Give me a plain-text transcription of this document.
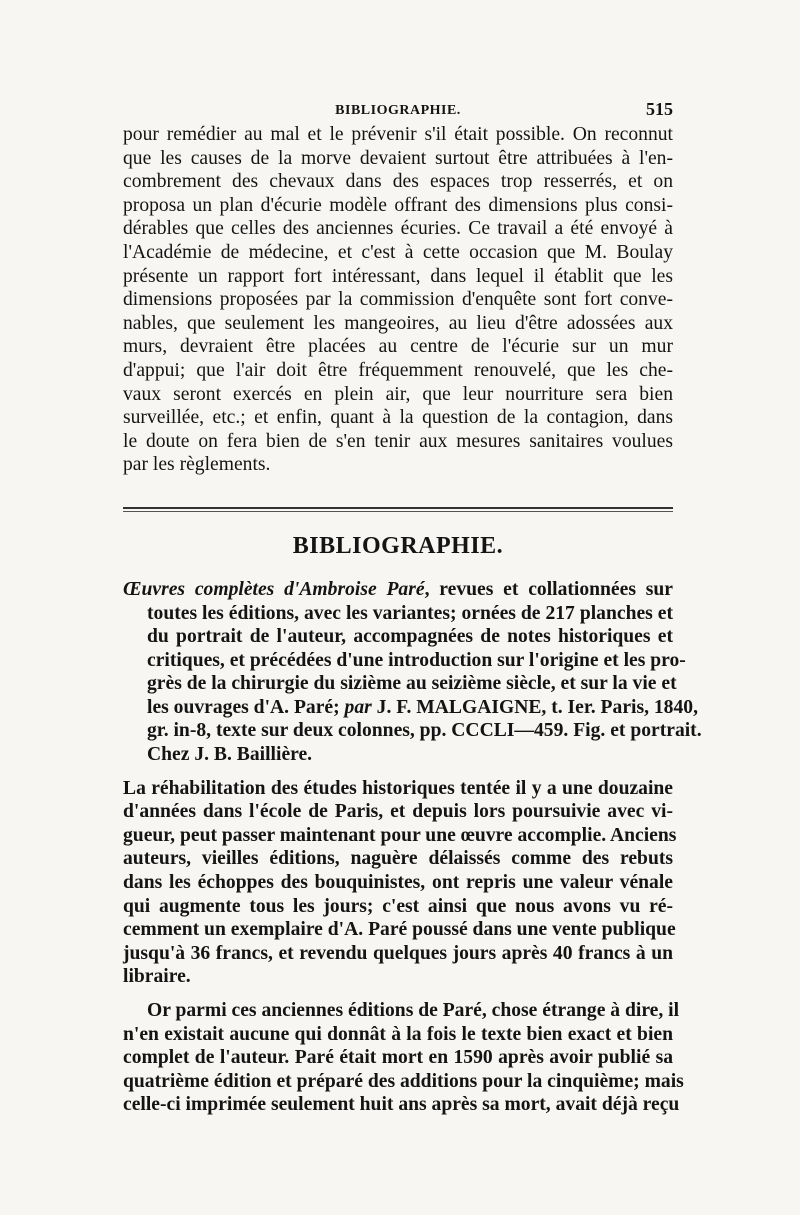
BIBLIOGRAPHIE.	515

pour remédier au mal et le prévenir s'il était possible. On reconnut
que les causes de la morve devaient surtout être attribuées à l'en-
combrement des chevaux dans des espaces trop resserrés, et on
proposa un plan d'écurie modèle offrant des dimensions plus consi-
dérables que celles des anciennes écuries. Ce travail a été envoyé à
l'Académie de médecine, et c'est à cette occasion que M. Boulay
présente un rapport fort intéressant, dans lequel il établit que les
dimensions proposées par la commission d'enquête sont fort conve-
nables, que seulement les mangeoires, au lieu d'être adossées aux
murs, devraient être placées au centre de l'écurie sur un mur
d'appui; que l'air doit être fréquemment renouvelé, que les che-
vaux seront exercés en plein air, que leur nourriture sera bien
surveillée, etc.; et enfin, quant à la question de la contagion, dans
le doute on fera bien de s'en tenir aux mesures sanitaires voulues
par les règlements.

BIBLIOGRAPHIE.

Œuvres complètes d'Ambroise Paré, revues et collationnées sur
toutes les éditions, avec les variantes; ornées de 217 planches et
du portrait de l'auteur, accompagnées de notes historiques et
critiques, et précédées d'une introduction sur l'origine et les pro-
grès de la chirurgie du sizième au seizième siècle, et sur la vie et
les ouvrages d'A. Paré; par J. F. MALGAIGNE, t. Ier. Paris, 1840,
gr. in-8, texte sur deux colonnes, pp. CCCLI—459. Fig. et portrait.
Chez J. B. Baillière.

La réhabilitation des études historiques tentée il y a une douzaine
d'années dans l'école de Paris, et depuis lors poursuivie avec vi-
gueur, peut passer maintenant pour une œuvre accomplie. Anciens
auteurs, vieilles éditions, naguère délaissés comme des rebuts
dans les échoppes des bouquinistes, ont repris une valeur vénale
qui augmente tous les jours; c'est ainsi que nous avons vu ré-
cemment un exemplaire d'A. Paré poussé dans une vente publique
jusqu'à 36 francs, et revendu quelques jours après 40 francs à un
libraire.

Or parmi ces anciennes éditions de Paré, chose étrange à dire, il
n'en existait aucune qui donnât à la fois le texte bien exact et bien
complet de l'auteur. Paré était mort en 1590 après avoir publié sa
quatrième édition et préparé des additions pour la cinquième; mais
celle-ci imprimée seulement huit ans après sa mort, avait déjà reçu
